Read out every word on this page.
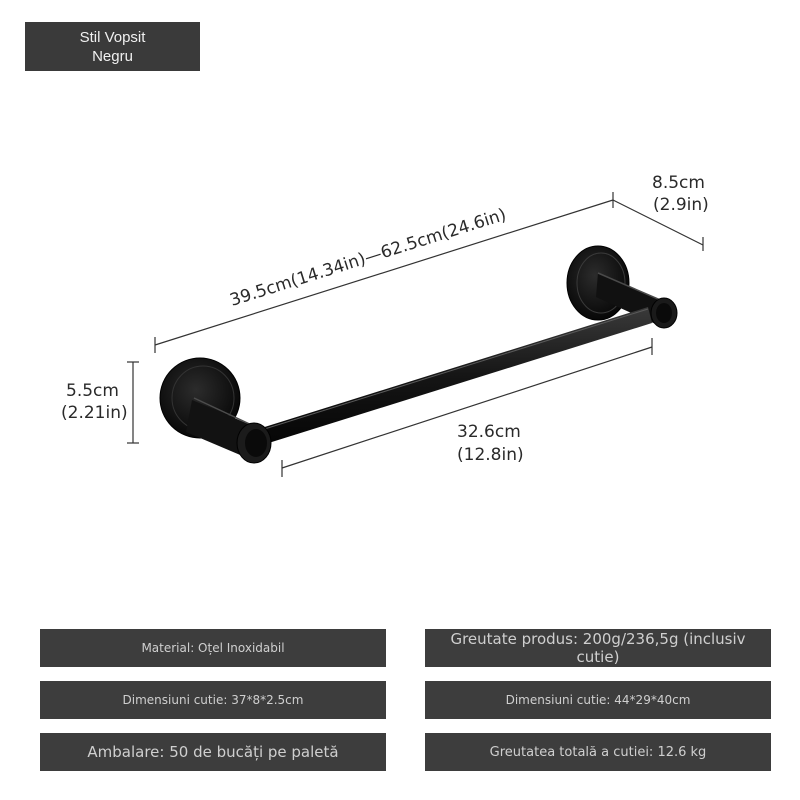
Stil Vopsit
Negru
39.5cm(14.34in)—62.5cm(24.6in)
8.5cm
(2.9in)
5.5cm
(2.21in)
32.6cm
(12.8in)
Material: Oțel Inoxidabil	Greutate produs: 200g/236,5g (inclusiv cutie)
Dimensiuni cutie: 37*8*2.5cm	Dimensiuni cutie: 44*29*40cm
Ambalare: 50 de bucăți pe paletă	Greutatea totală a cutiei: 12.6 kg
